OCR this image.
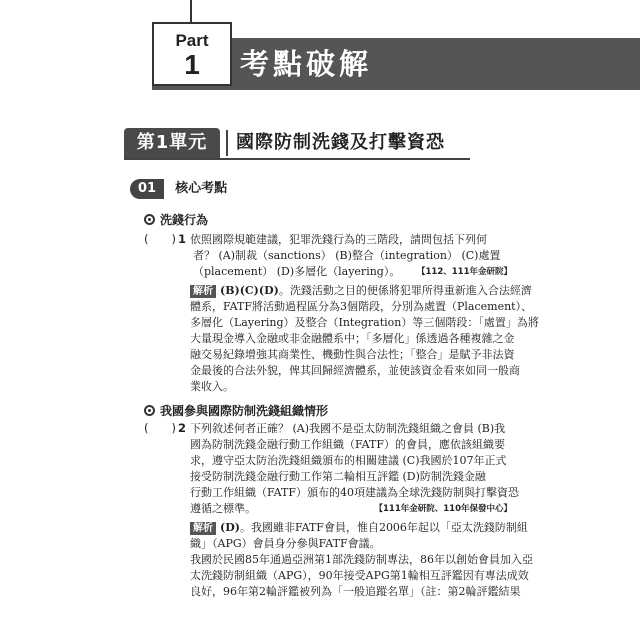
考點破解
Part
1
第1單元	國際防制洗錢及打擊資恐
01 核心考點
洗錢行為
(　　) 1 依照國際規範建議，犯罪洗錢行為的三階段，請問包括下列何
者？ (A)制裁（sanctions） (B)整合（integration） (C)處置
（placement） (D)多層化（layering）。 【112、111年金研院】
解析 (B)(C)(D)。洗錢活動之目的便係將犯罪所得重新進入合法經濟
體系，FATF將活動過程區分為3個階段，分別為處置（Placement）、
多層化（Layering）及整合（Integration）等三個階段：「處置」為將
大量現金導入金融或非金融體系中；「多層化」係透過各種複雜之金
融交易紀錄增強其商業性、機動性與合法性；「整合」是賦予非法資
金最後的合法外貌，俾其回歸經濟體系，並使該資金看來如同一般商
業收入。
我國參與國際防制洗錢組織情形
(　　) 2 下列敘述何者正確？ (A)我國不是亞太防制洗錢組織之會員 (B)我
國為防制洗錢金融行動工作組織（FATF）的會員，應依該組織要
求，遵守亞太防治洗錢組織頒布的相關建議 (C)我國於107年正式
接受防制洗錢金融行動工作第二輪相互評鑑 (D)防制洗錢金融
行動工作組織（FATF）頒布的40項建議為全球洗錢防制與打擊資恐
遵循之標準。	【111年金研院、110年保發中心】
解析 (D)。我國雖非FATF會員，惟自2006年起以「亞太洗錢防制組
織」（APG）會員身分參與FATF會議。
我國於民國85年通過亞洲第1部洗錢防制專法，86年以創始會員加入亞
太洗錢防制組織（APG），90年接受APG第1輪相互評鑑因有專法成效
良好，96年第2輪評鑑被列為「一般追蹤名單」（註：第2輪評鑑結果
